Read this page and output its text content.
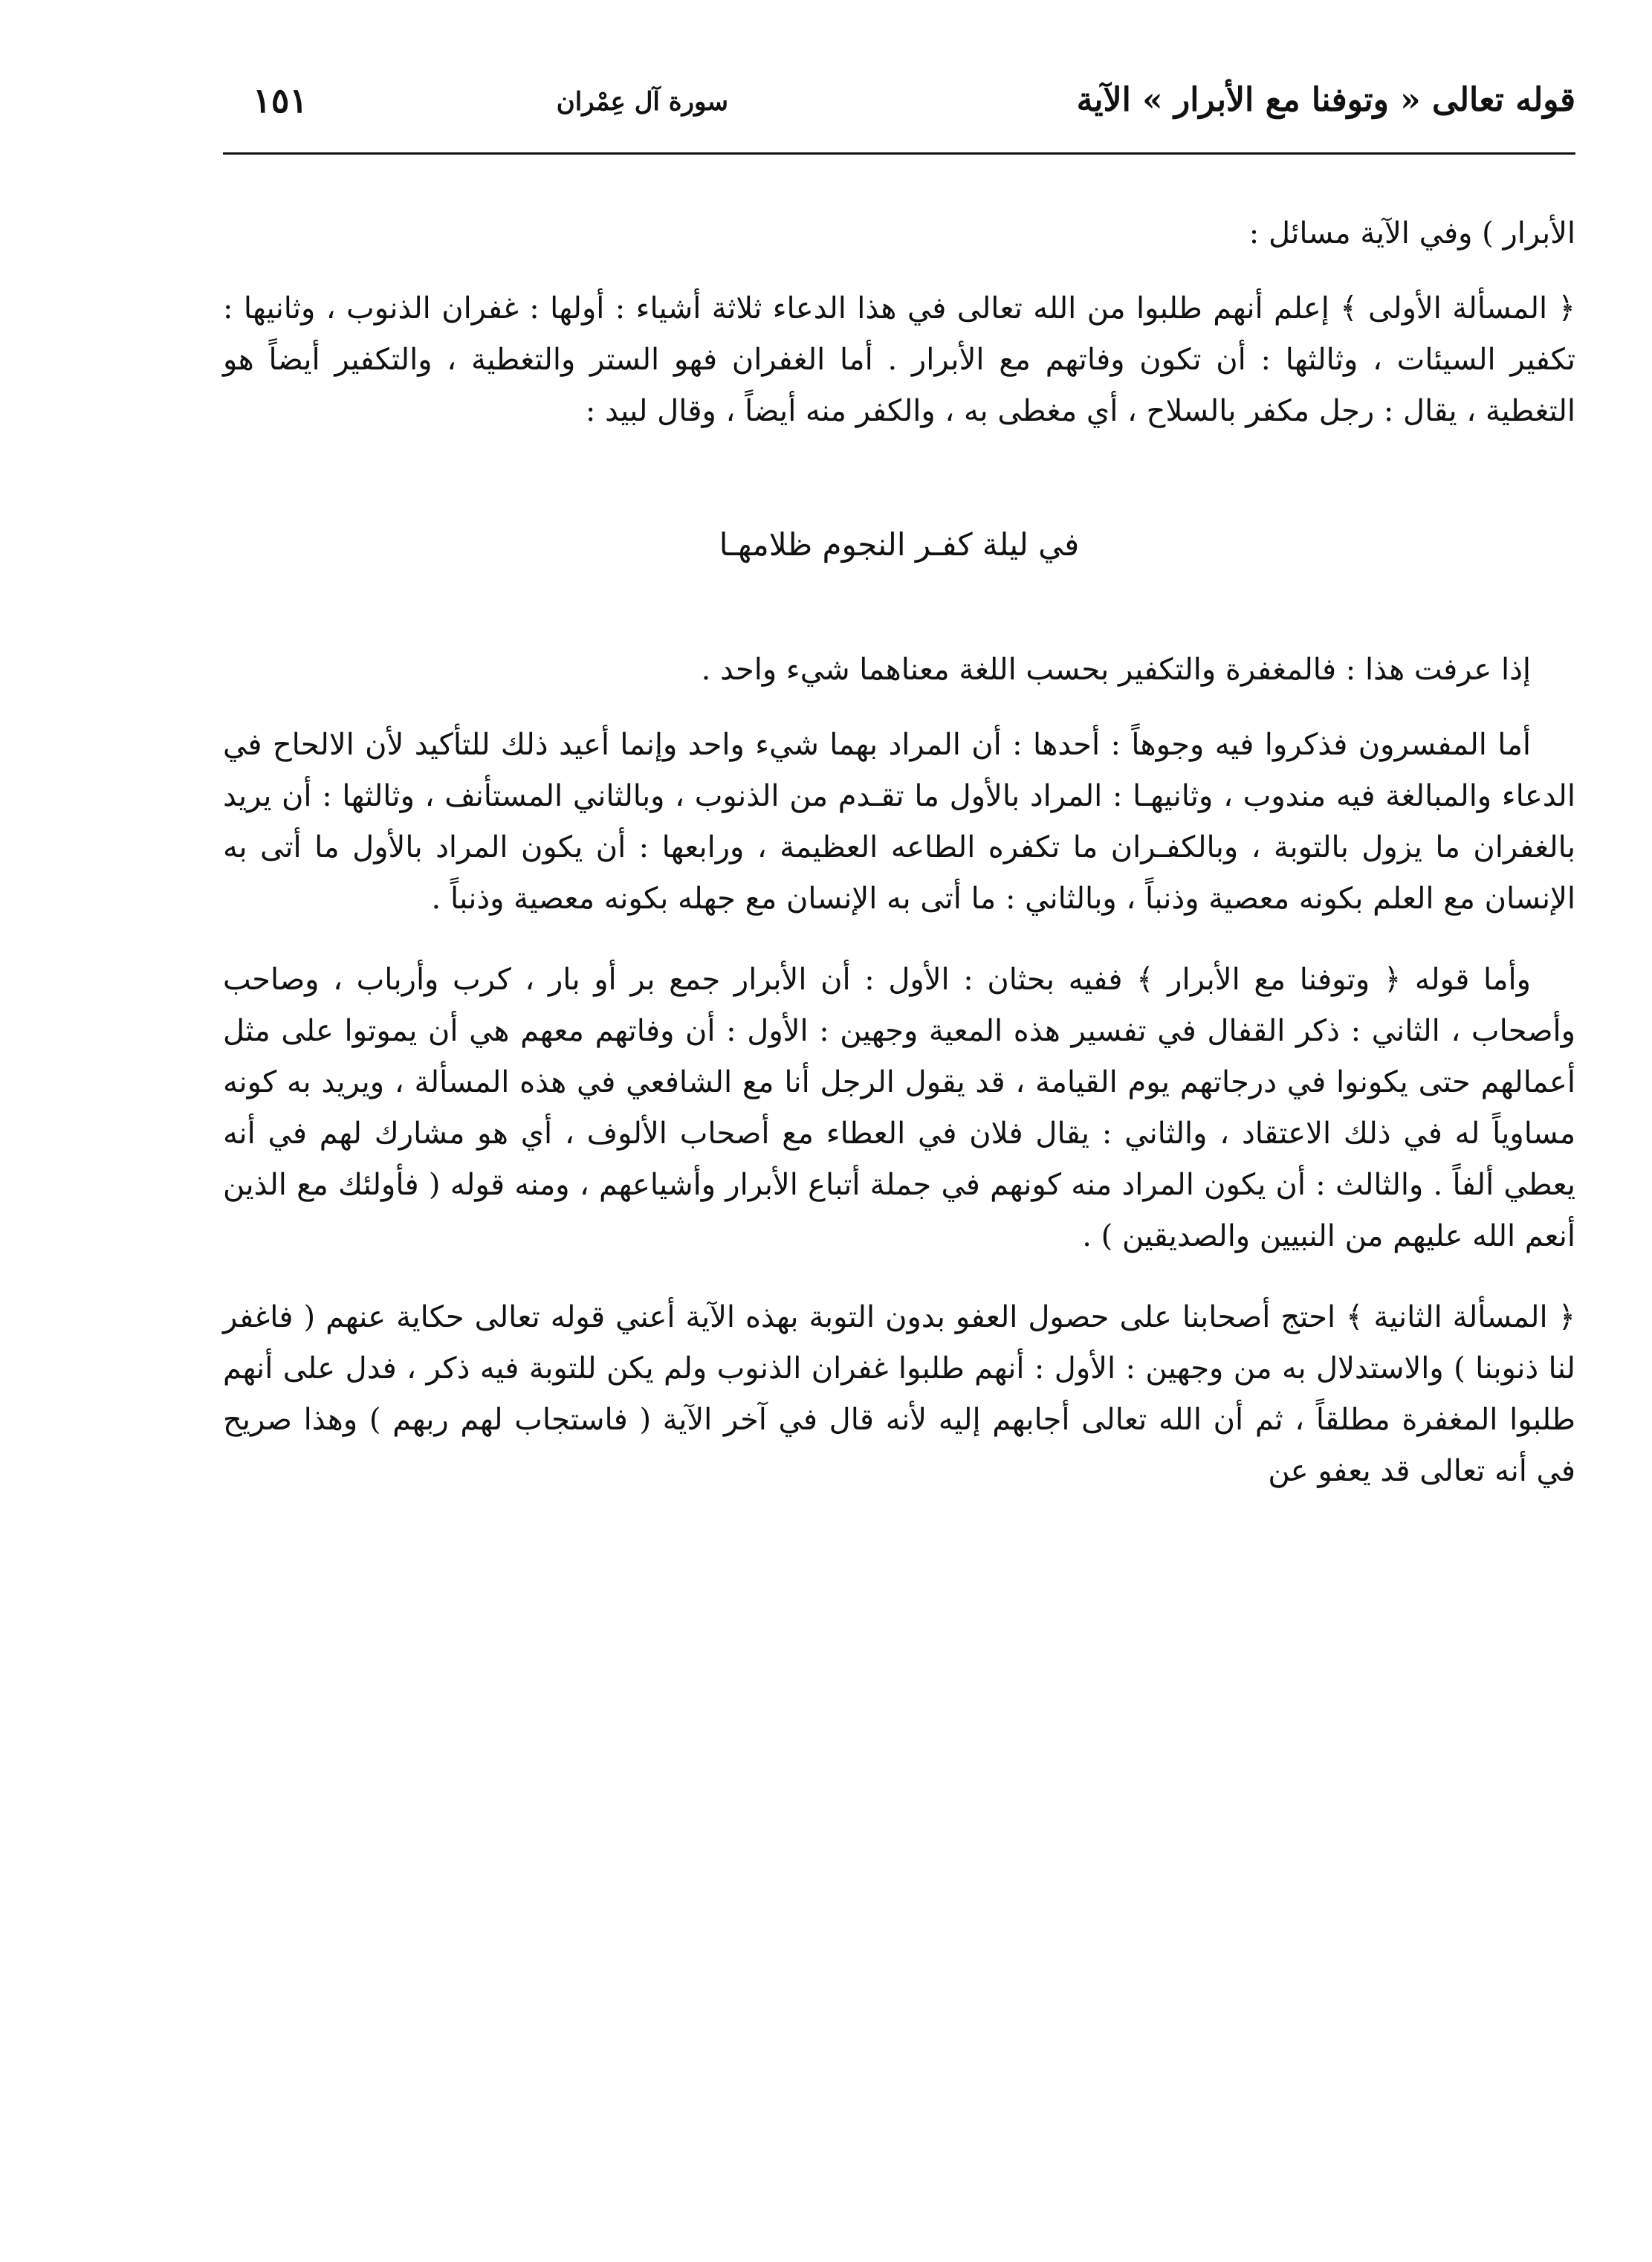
قوله تعالى « وتوفنا مع الأبرار » الآية
سورة آل عِمْران
١٥١

الأبرار ) وفي الآية مسائل :

﴿ المسألة الأولى ﴾ إعلم أنهم طلبوا من الله تعالى في هذا الدعاء ثلاثة أشياء : أولها : غفران الذنوب ، وثانيها : تكفير السيئات ، وثالثها : أن تكون وفاتهم مع الأبرار . أما الغفران فهو الستر والتغطية ، والتكفير أيضاً هو التغطية ، يقال : رجل مكفر بالسلاح ، أي مغطى به ، والكفر منه أيضاً ، وقال لبيد :

في ليلة كفـر النجوم ظلامهـا

إذا عرفت هذا : فالمغفرة والتكفير بحسب اللغة معناهما شيء واحد .

أما المفسرون فذكروا فيه وجوهاً : أحدها : أن المراد بهما شيء واحد وإنما أعيد ذلك للتأكيد لأن الالحاح في الدعاء والمبالغة فيه مندوب ، وثانيهـا : المراد بالأول ما تقـدم من الذنوب ، وبالثاني المستأنف ، وثالثها : أن يريد بالغفران ما يزول بالتوبة ، وبالكفـران ما تكفره الطاعه العظيمة ، ورابعها : أن يكون المراد بالأول ما أتى به الإنسان مع العلم بكونه معصية وذنباً ، وبالثاني : ما أتى به الإنسان مع جهله بكونه معصية وذنباً .

وأما قوله ﴿ وتوفنا مع الأبرار ﴾ ففيه بحثان : الأول : أن الأبرار جمع بر أو بار ، كرب وأرباب ، وصاحب وأصحاب ، الثاني : ذكر القفال في تفسير هذه المعية وجهين : الأول : أن وفاتهم معهم هي أن يموتوا على مثل أعمالهم حتى يكونوا في درجاتهم يوم القيامة ، قد يقول الرجل أنا مع الشافعي في هذه المسألة ، ويريد به كونه مساوياً له في ذلك الاعتقاد ، والثاني : يقال فلان في العطاء مع أصحاب الألوف ، أي هو مشارك لهم في أنه يعطي ألفاً . والثالث : أن يكون المراد منه كونهم في جملة أتباع الأبرار وأشياعهم ، ومنه قوله ( فأولئك مع الذين أنعم الله عليهم من النبيين والصديقين ) .

﴿ المسألة الثانية ﴾ احتج أصحابنا على حصول العفو بدون التوبة بهذه الآية أعني قوله تعالى حكاية عنهم ( فاغفر لنا ذنوبنا ) والاستدلال به من وجهين : الأول : أنهم طلبوا غفران الذنوب ولم يكن للتوبة فيه ذكر ، فدل على أنهم طلبوا المغفرة مطلقاً ، ثم أن الله تعالى أجابهم إليه لأنه قال في آخر الآية ( فاستجاب لهم ربهم ) وهذا صريح في أنه تعالى قد يعفو عن
